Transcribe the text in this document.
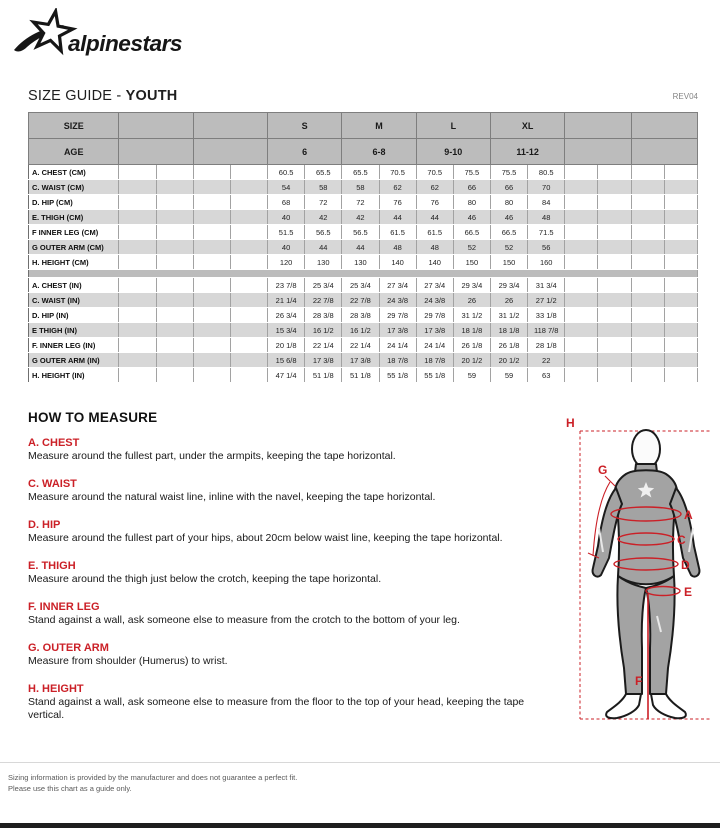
alpinestars
SIZE GUIDE - YOUTH	REV04
SIZE					S		M		L		XL					
AGE					6		6-8		9-10		11-12					
A. CHEST (CM)					60.5	65.5	65.5	70.5	70.5	75.5	75.5	80.5				
C. WAIST (CM)					54	58	58	62	62	66	66	70				
D. HIP (CM)					68	72	72	76	76	80	80	84				
E. THIGH (CM)					40	42	42	44	44	46	46	48				
F INNER LEG (CM)					51.5	56.5	56.5	61.5	61.5	66.5	66.5	71.5				
G OUTER ARM (CM)					40	44	44	48	48	52	52	56				
H. HEIGHT (CM)					120	130	130	140	140	150	150	160				

A. CHEST (IN)					23 7/8	25 3/4	25 3/4	27 3/4	27 3/4	29 3/4	29 3/4	31 3/4				
C. WAIST (IN)					21 1/4	22 7/8	22 7/8	24 3/8	24 3/8	26	26	27 1/2				
D. HIP (IN)					26 3/4	28 3/8	28 3/8	29 7/8	29 7/8	31 1/2	31 1/2	33 1/8				
E THIGH (IN)					15 3/4	16 1/2	16 1/2	17 3/8	17 3/8	18 1/8	18 1/8	118 7/8				
F. INNER LEG (IN)					20 1/8	22 1/4	22 1/4	24 1/4	24 1/4	26 1/8	26 1/8	28 1/8				
G OUTER ARM (IN)					15 6/8	17 3/8	17 3/8	18 7/8	18 7/8	20 1/2	20 1/2	22				
H. HEIGHT (IN)					47 1/4	51 1/8	51 1/8	55 1/8	55 1/8	59	59	63				
HOW TO MEASURE
A. CHEST
Measure around the fullest part, under the armpits, keeping the tape horizontal.
C. WAIST
Measure around the natural waist line, inline with the navel, keeping the tape horizontal.
D. HIP
Measure around the fullest part of your hips, about 20cm below waist line, keeping the tape horizontal.
E. THIGH
Measure around the thigh just below the crotch, keeping the tape horizontal.
F. INNER LEG
Stand against a wall, ask someone else to measure from the crotch to the bottom of your leg.
G. OUTER ARM
Measure from shoulder (Humerus) to wrist.
H. HEIGHT
Stand against a wall, ask someone else to measure from the floor to the top of your head, keeping the tape vertical.
H
G
A
C
D
E
F
Sizing information is provided by the manufacturer and does not guarantee a perfect fit.
Please use this chart as a guide only.
